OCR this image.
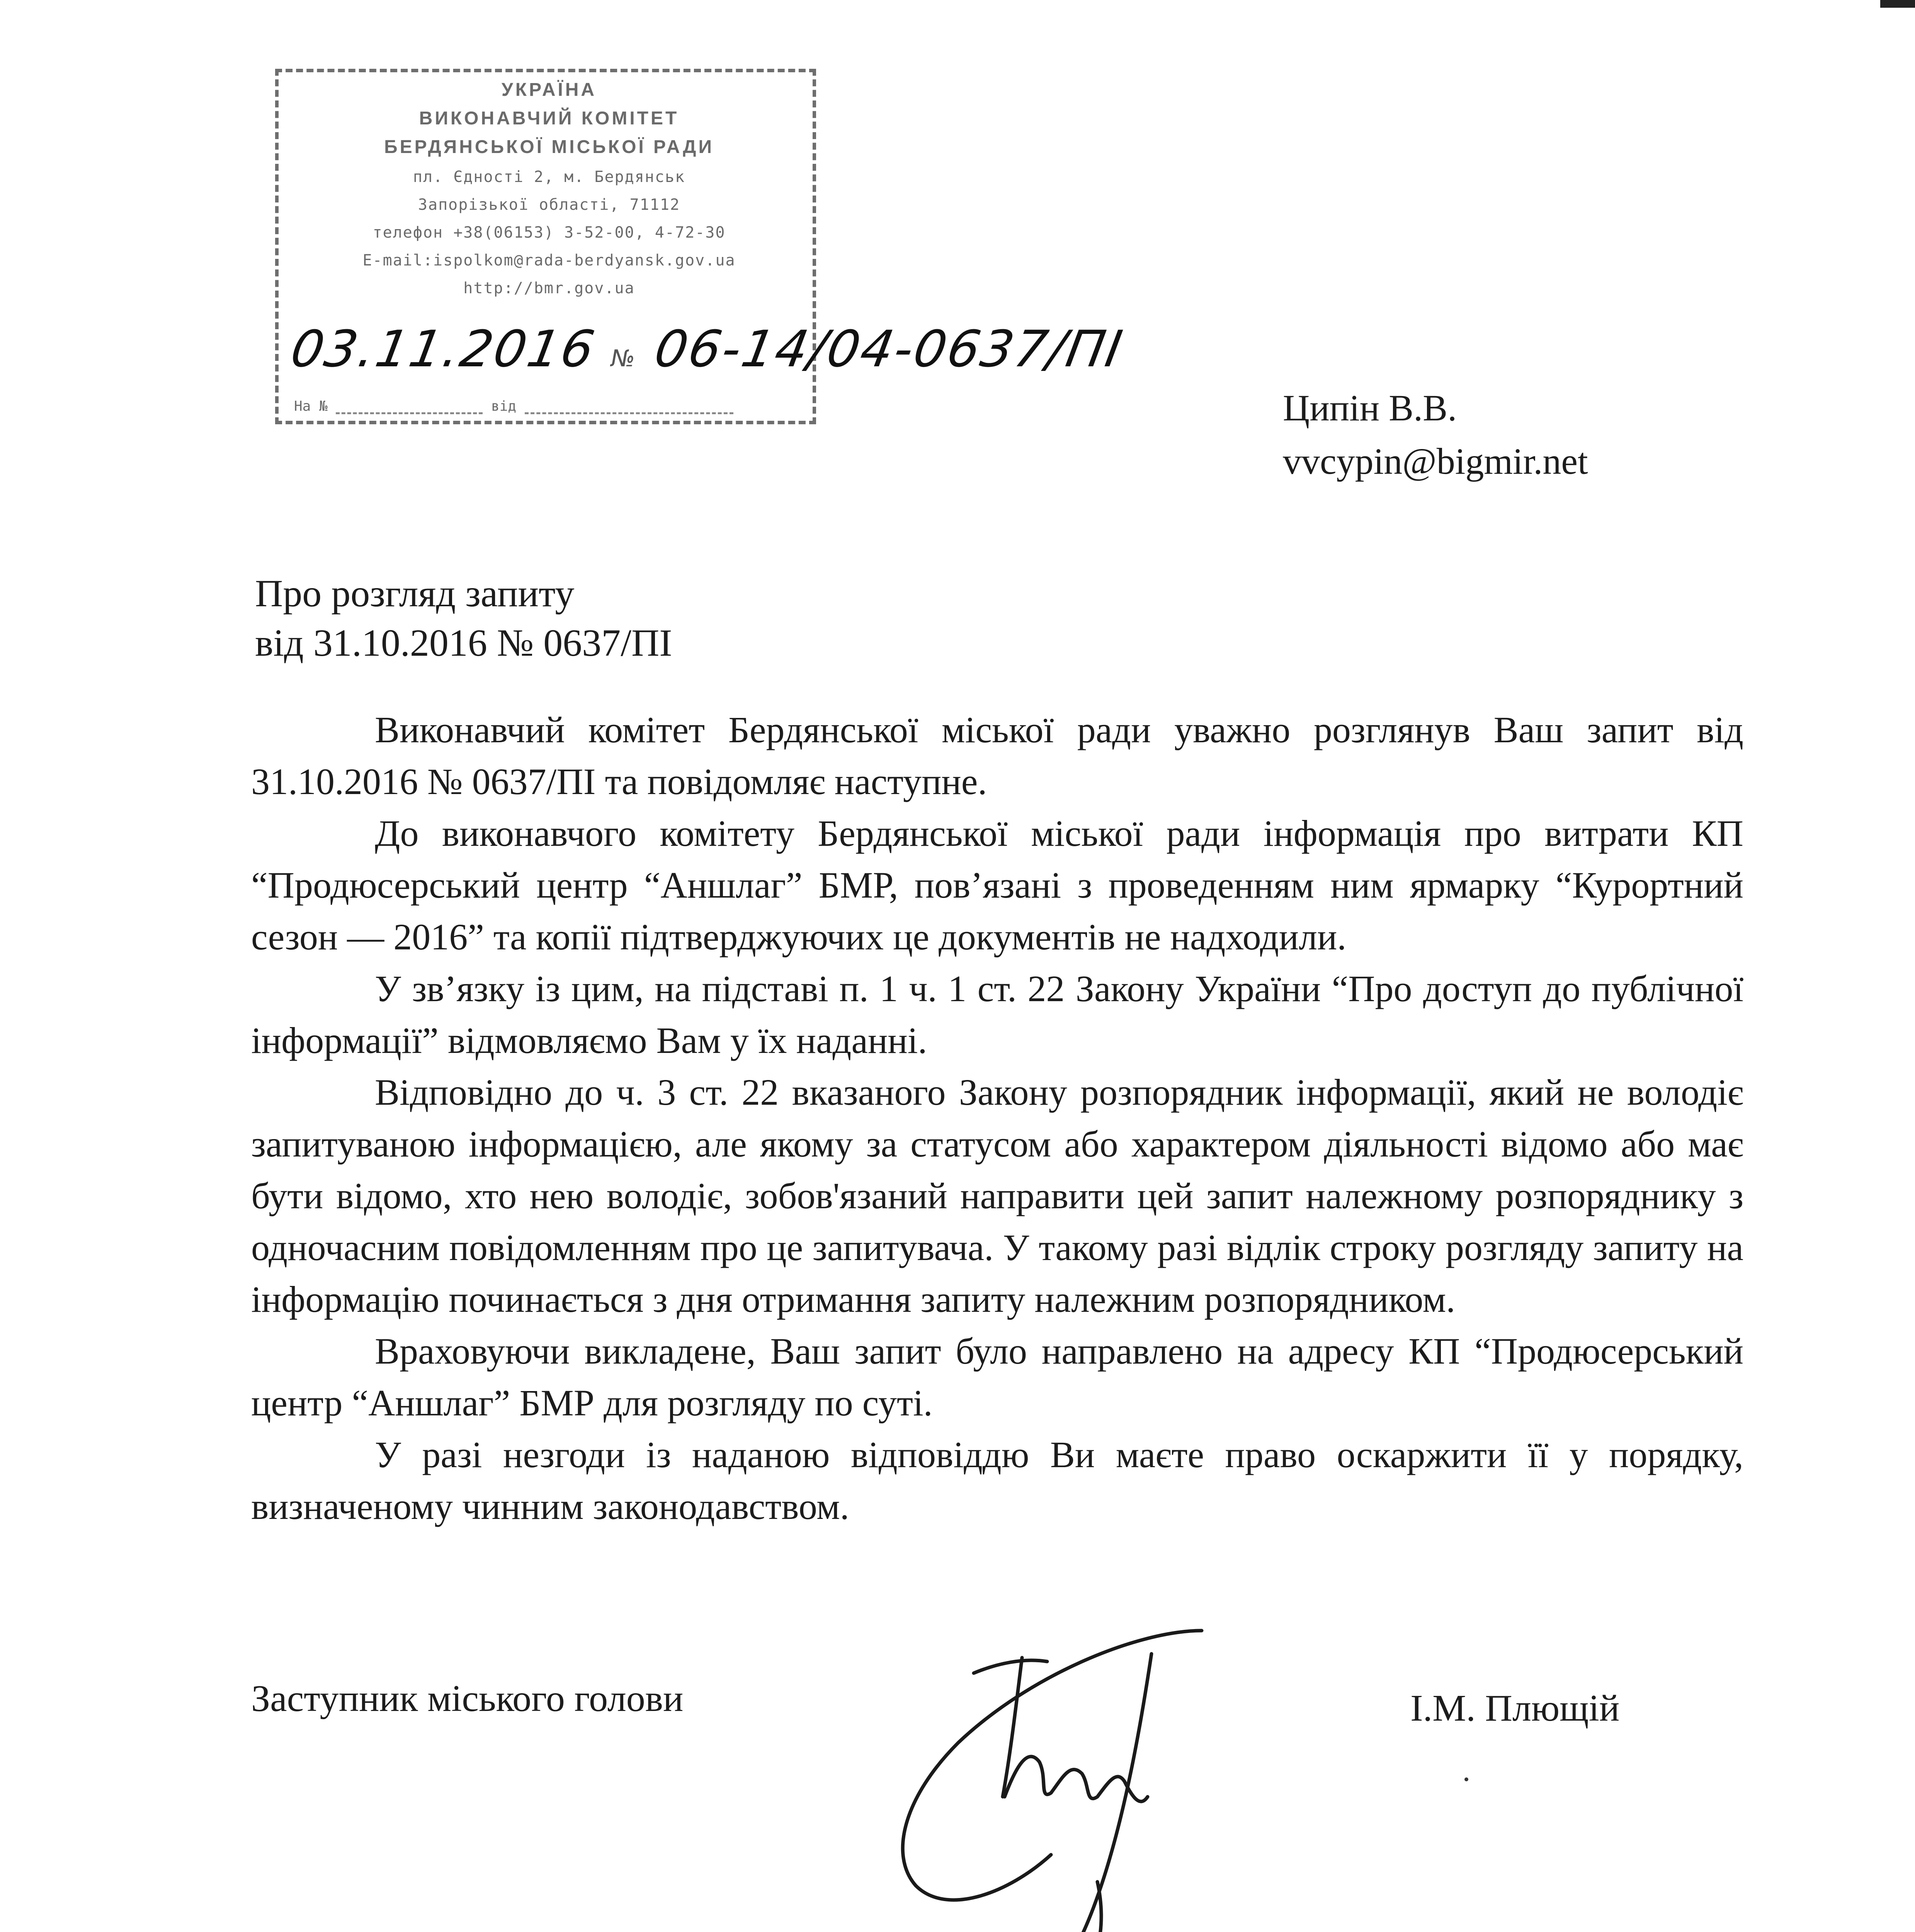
УКРАЇНА
ВИКОНАВЧИЙ КОМІТЕТ
БЕРДЯНСЬКОЇ МІСЬКОЇ РАДИ
пл. Єдності 2, м. Бердянськ
Запорізької області, 71112
телефон +38(06153) 3-52-00, 4-72-30
E-mail:ispolkom@rada-berdyansk.gov.ua
http://bmr.gov.ua
03.11.2016 № 06-14/04-0637/ПІ
На №	від	Ципін В.В.
vvcypin@bigmir.net
Про розгляд запиту
від 31.10.2016 № 0637/ПІ

Виконавчий комітет Бердянської міської ради уважно розглянув Ваш запит від 31.10.2016 № 0637/ПІ та повідомляє наступне.

До виконавчого комітету Бердянської міської ради інформація про витрати КП “Продюсерський центр “Аншлаг” БМР, пов’язані з проведенням ним ярмарку “Курортний сезон — 2016” та копії підтверджуючих це документів не надходили.

У зв’язку із цим, на підставі п. 1 ч. 1 ст. 22 Закону України “Про доступ до публічної інформації” відмовляємо Вам у їх наданні.

Відповідно до ч. 3 ст. 22 вказаного Закону розпорядник інформації, який не володіє запитуваною інформацією, але якому за статусом або характером діяльності відомо або має бути відомо, хто нею володіє, зобов'язаний направити цей запит належному розпоряднику з одночасним повідомленням про це запитувача. У такому разі відлік строку розгляду запиту на інформацію починається з дня отримання запиту належним розпорядником.

Враховуючи викладене, Ваш запит було направлено на адресу КП “Продюсерський центр “Аншлаг” БМР для розгляду по суті.

У разі незгоди із наданою відповіддю Ви маєте право оскаржити її у порядку, визначеному чинним законодавством.

Заступник міського голови	І.М. Плющій
